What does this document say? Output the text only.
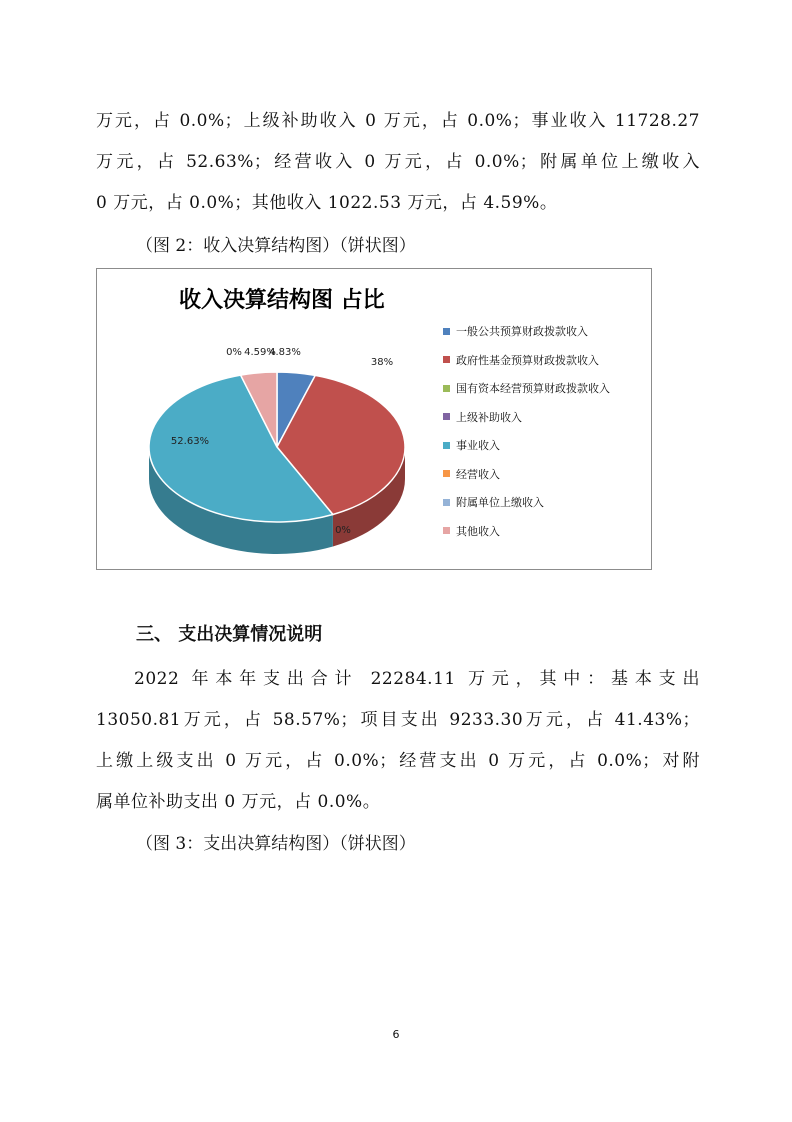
万元，占 0.0%；上级补助收入 0 万元，占 0.0%；事业收入 11728.27
万元，占 52.63%；经营收入 0 万元，占 0.0%；附属单位上缴收入
0 万元，占 0.0%；其他收入 1022.53 万元，占 4.59%。
（图 2：收入决算结构图）（饼状图）
收入决算结构图 占比
4.83%
38%
0%
52.63%
0% 4.59%
一般公共预算财政拨款收入
政府性基金预算财政拨款收入
国有资本经营预算财政拨款收入
上级补助收入
事业收入
经营收入
附属单位上缴收入
其他收入
三、 支出决算情况说明
2022 年本年支出合计 22284.11 万元，其中：基本支出
13050.81万元，占 58.57%；项目支出 9233.30万元，占 41.43%；
上缴上级支出 0 万元，占 0.0%；经营支出 0 万元，占 0.0%；对附
属单位补助支出 0 万元，占 0.0%。
（图 3：支出决算结构图）（饼状图）
6
